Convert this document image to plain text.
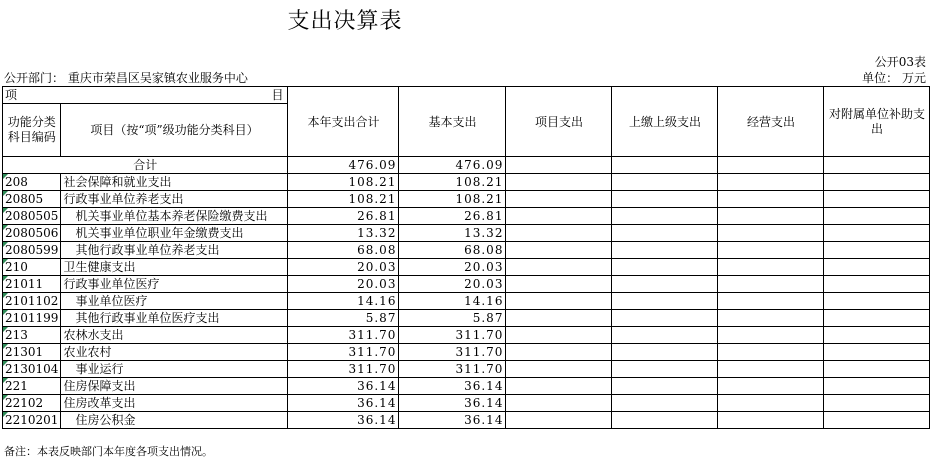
支出决算表
公开03表
公开部门： 重庆市荣昌区吴家镇农业服务中心	单位： 万元
项 目		本年支出合计	基本支出	项目支出	上缴上级支出	经营支出	对附属单位补助支出
功能分类科目编码	项目（按“项”级功能分类科目）						
合计		476.09	476.09				
208	社会保障和就业支出	108.21	108.21				
20805	行政事业单位养老支出	108.21	108.21				
2080505	机关事业单位基本养老保险缴费支出	26.81	26.81				
2080506	机关事业单位职业年金缴费支出	13.32	13.32				
2080599	其他行政事业单位养老支出	68.08	68.08				
210	卫生健康支出	20.03	20.03				
21011	行政事业单位医疗	20.03	20.03				
2101102	事业单位医疗	14.16	14.16				
2101199	其他行政事业单位医疗支出	5.87	5.87				
213	农林水支出	311.70	311.70				
21301	农业农村	311.70	311.70				
2130104	事业运行	311.70	311.70				
221	住房保障支出	36.14	36.14				
22102	住房改革支出	36.14	36.14				
2210201	住房公积金	36.14	36.14				
备注：本表反映部门本年度各项支出情况。
